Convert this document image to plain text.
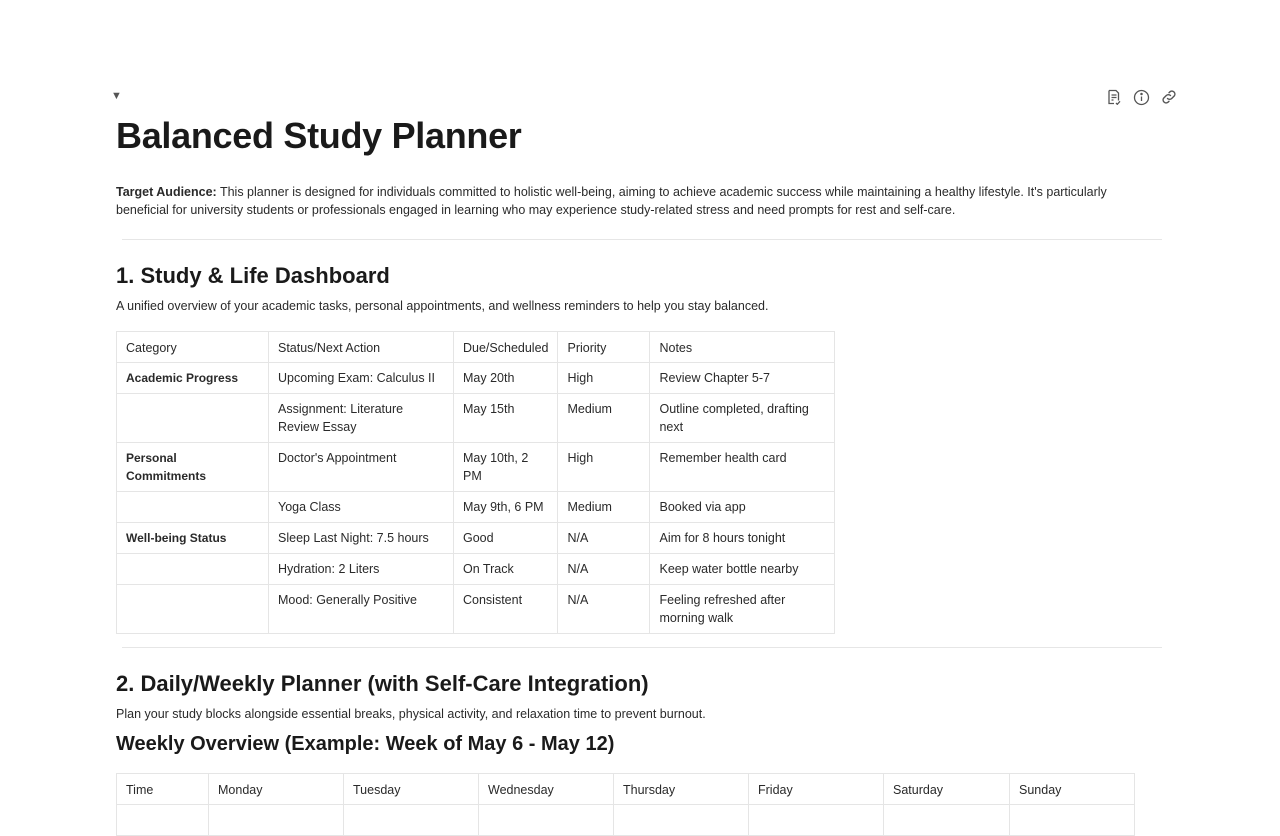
▼
Balanced Study Planner

Target Audience: This planner is designed for individuals committed to holistic well-being, aiming to achieve academic success while maintaining a healthy lifestyle. It's particularly beneficial for university students or professionals engaged in learning who may experience study-related stress and need prompts for rest and self-care.

1. Study & Life Dashboard

A unified overview of your academic tasks, personal appointments, and wellness reminders to help you stay balanced.

Category	Status/Next Action	Due/Scheduled	Priority	Notes
Academic Progress	Upcoming Exam: Calculus II	May 20th	High	Review Chapter 5-7
	Assignment: Literature Review Essay	May 15th	Medium	Outline completed, drafting next
Personal Commitments	Doctor's Appointment	May 10th, 2 PM	High	Remember health card
	Yoga Class	May 9th, 6 PM	Medium	Booked via app
Well-being Status	Sleep Last Night: 7.5 hours	Good	N/A	Aim for 8 hours tonight
	Hydration: 2 Liters	On Track	N/A	Keep water bottle nearby
	Mood: Generally Positive	Consistent	N/A	Feeling refreshed after morning walk
2. Daily/Weekly Planner (with Self-Care Integration)

Plan your study blocks alongside essential breaks, physical activity, and relaxation time to prevent burnout.

Weekly Overview (Example: Week of May 6 - May 12)
Time	Monday	Tuesday	Wednesday	Thursday	Friday	Saturday	Sunday
